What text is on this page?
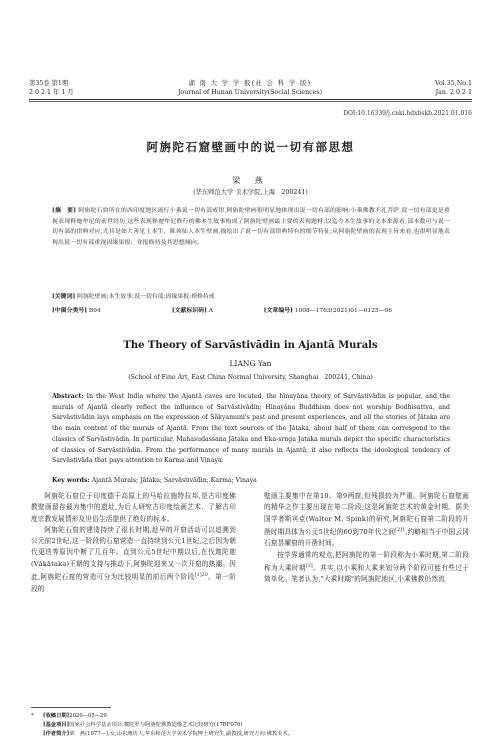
第35卷 第1期
2 0 2 1 年 1 月
湖 南 大 学 学 报(社 会 科 学 版)
Journal of Hunan University(Social Sciences)
Vol.35,No.1
Jan. 2 0 2 1
DOI:10.16339/j.cnki.hdxbskb.2021.01.016
阿旃陀石窟壁画中的说一切有部思想
梁 燕
(华东师范大学 美术学院,上海　200241)
[摘　要] 阿旃陀石窟所在的西印度地区流行小乘说一切有部戒律,阿旃陀壁画很明显地体现出说一切有部的影响:小乘佛教不礼菩萨,说一切有部更是重视表现释迦牟尼的前世经历,这些表现释迦牟尼修行的佛本生故事构成了阿旃陀壁画最主要的表现题材;以迄今本生故事的文本来源看,部本数可与说一切有部的律典对应,尤其是如大善见王本生、陈须仙人本生壁画,描绘出了说一切有部律典特有的细节特征;从阿旃陀壁画的表现主旨来看,也很明显地表现出说一切有部重视因缘果报、业报修持及其思想倾向。
[关键词] 阿旃陀壁画;本生故事;说一切有部;因缘果报;禅修持戒
[中图分类号] B94	[文献标识码] A	[文章编号] 1008—1763(2021)01—0125—06
The Theory of Sarvāstivādin in Ajantā Murals
LIANG Yan
(School of Fine Art, East China Normal University, Shanghai　200241, China)
Abstract: In the West India where the Ajantā caves are located, the hīnayāna theory of Sarvāstivādin is popular, and the murals of Ajantā clearly reflect the influence of Sarvāstivādin; Hīnayāna Buddhism does not worship Bodhisattva, and Sarvāstivādin lays emphasis on the expression of Śākyamuni's past and present experiences, and all the stories of Jātaka are the main content of the murals of Ajantā. From the text sources of the Jātaka, about half of them can correspond to the classics of Sarvāstivādin. In particular, Mahasudassana Jātaka and Eka-sṛnga Jataka murals depict the specific characteristics of classics of Sarvāstivādin. From the performance of many murals in Ajantā, it also reflects the ideological tendency of Sarvāstivāda that pays attention to Karma and Vinaya.
Key words: Ajantā Murals; Jātaka; Sarvāstivādin; Karma; Vinaya

阿旃陀石窟位于印度德干高原上的马哈拉施特拉邦,是古印度佛教壁画留存最为集中的遗址,为后人研究古印度绘画艺术、了解古印度宗教发展情形及世俗生活提供了绝好的标本。

阿旃陀石窟的建造持续了很长时期,趁早的开窟活动可以追溯到公元前2世纪,这一阶段的石窟营造一直持续到公元1世纪,之后因为朝代更迭等原因中断了几百年。直到公元5世纪中期以后,在伐迦陀迦(Vākātaka)王朝的支持与推动下,阿旃陀迎来又一次开窟的热潮。因此,阿旃陀石窟的营造可分为比较明显的前后两个阶段$^{[1]20}$。第一阶段的

壁画主要集中在第10、第9两窟,但残损较为严重。阿旃陀石窟壁画的精华之作主要出现在第二阶段,这是阿旃陀艺术的黄金时期。据美国学者斯宾克(Walter M. Spink)的研究,阿旃陀石窟第二阶段的开凿时期具体为公元5世纪的60到70年代之间$^{[2]1}$,约略相当于中国云冈石窟昙曜窟的开凿时间。

按学界通常的观点,把阿旃陀的第一阶段称为小乘时期,第二阶段称为大乘时期[3]。其实,以小乘和大乘来划分两个阶段可能有些过于简单化。笔者认为,"大乘时期"的阿旃陀地区,小乘佛教仍然流

* [收稿日期]2020—05—29
[基金项目]国家社会科学基金项目:犍陀罗与阿旃陀佛教造像艺术比较研究(17BF076)
[作者简介]梁　燕(1977—),女,山东潍坊人,华东师范大学美术学院博士研究生,副教授,研究方向:佛教美术。
